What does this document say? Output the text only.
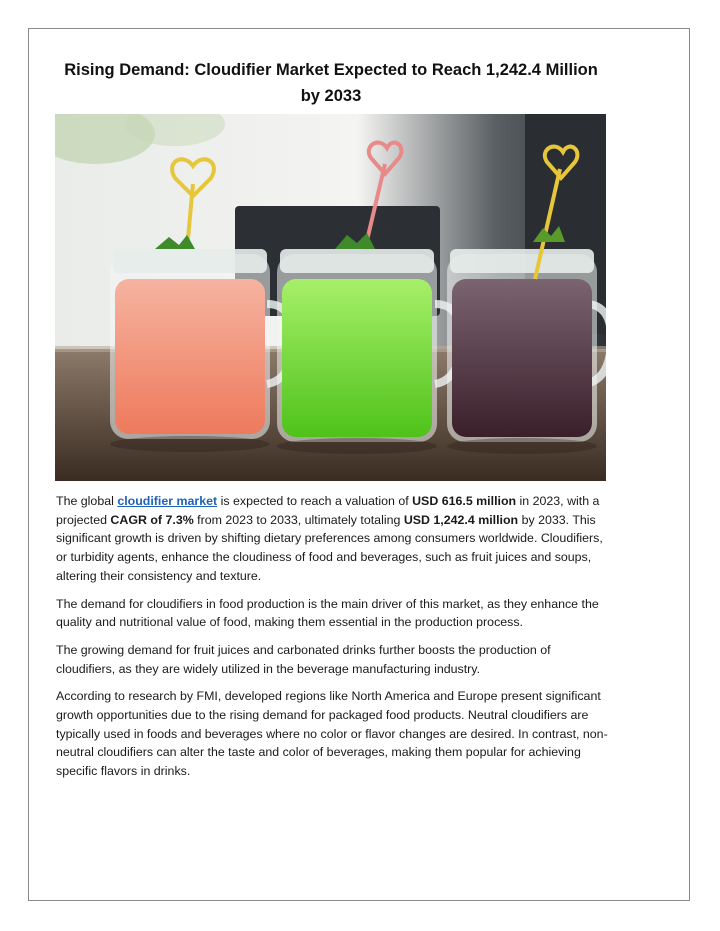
Rising Demand: Cloudifier Market Expected to Reach 1,242.4 Million by 2033

The global cloudifier market is expected to reach a valuation of USD 616.5 million in 2023, with a projected CAGR of 7.3% from 2023 to 2033, ultimately totaling USD 1,242.4 million by 2033. This significant growth is driven by shifting dietary preferences among consumers worldwide. Cloudifiers, or turbidity agents, enhance the cloudiness of food and beverages, such as fruit juices and soups, altering their consistency and texture.

The demand for cloudifiers in food production is the main driver of this market, as they enhance the quality and nutritional value of food, making them essential in the production process.

The growing demand for fruit juices and carbonated drinks further boosts the production of cloudifiers, as they are widely utilized in the beverage manufacturing industry.

According to research by FMI, developed regions like North America and Europe present significant growth opportunities due to the rising demand for packaged food products. Neutral cloudifiers are typically used in foods and beverages where no color or flavor changes are desired. In contrast, non-neutral cloudifiers can alter the taste and color of beverages, making them popular for achieving specific flavors in drinks.
